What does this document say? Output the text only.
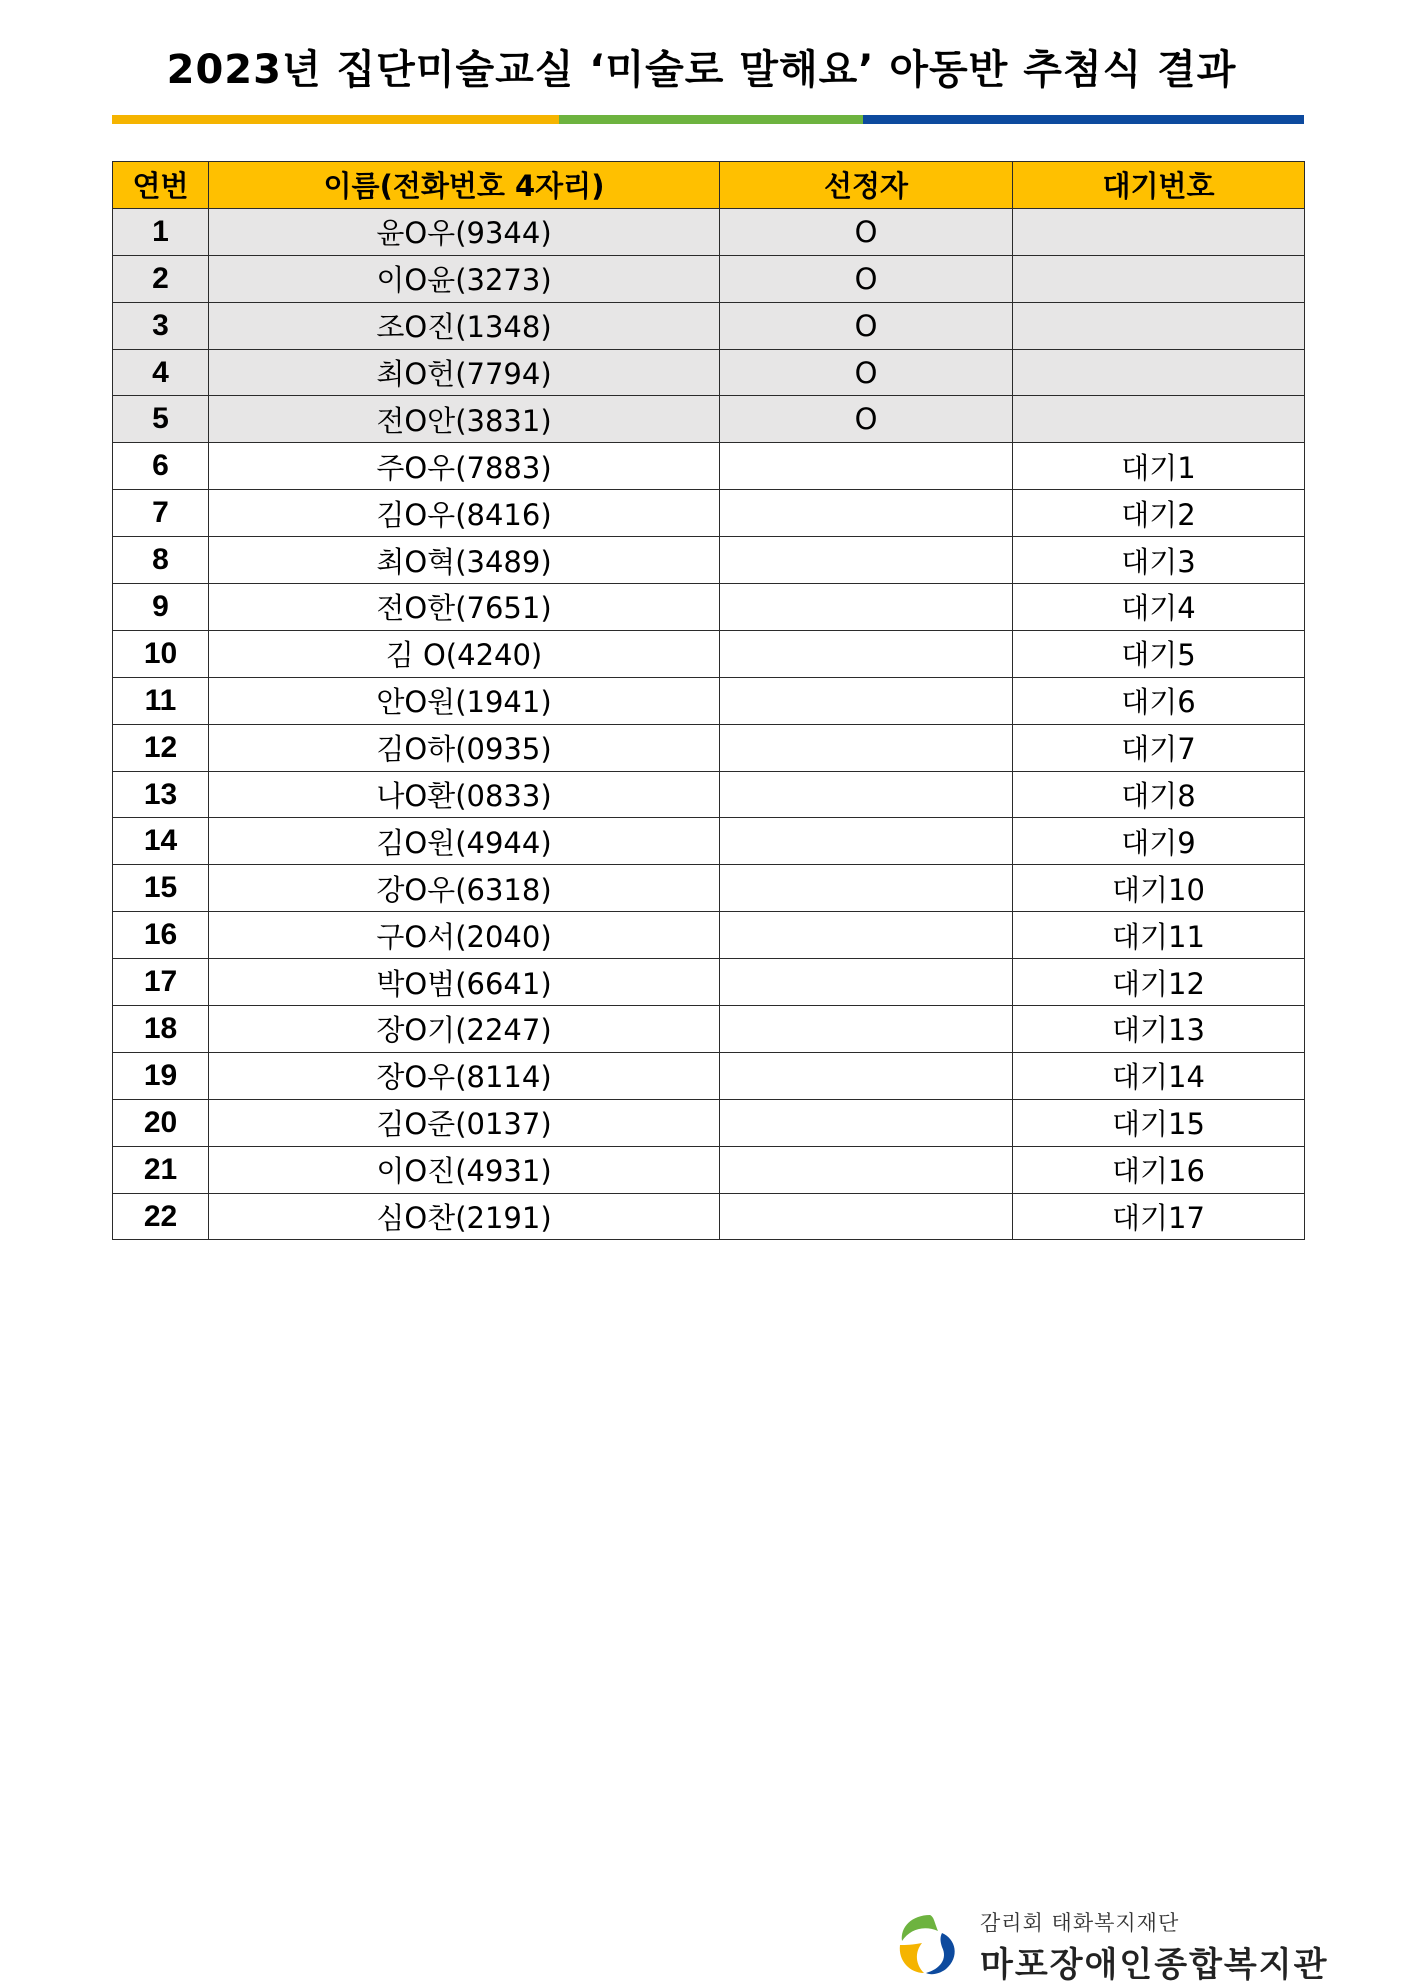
2023년 집단미술교실 ‘미술로 말해요’ 아동반 추첨식 결과
연번	이름(전화번호 4자리)	선정자	대기번호
1	윤O우(9344)	O	
2	이O윤(3273)	O	
3	조O진(1348)	O	
4	최O헌(7794)	O	
5	전O안(3831)	O	
6	주O우(7883)		대기1
7	김O우(8416)		대기2
8	최O혁(3489)		대기3
9	전O한(7651)		대기4
10	김 O(4240)		대기5
11	안O원(1941)		대기6
12	김O하(0935)		대기7
13	나O환(0833)		대기8
14	김O원(4944)		대기9
15	강O우(6318)		대기10
16	구O서(2040)		대기11
17	박O범(6641)		대기12
18	장O기(2247)		대기13
19	장O우(8114)		대기14
20	김O준(0137)		대기15
21	이O진(4931)		대기16
22	심O찬(2191)		대기17
감리회 태화복지재단
마포장애인종합복지관
